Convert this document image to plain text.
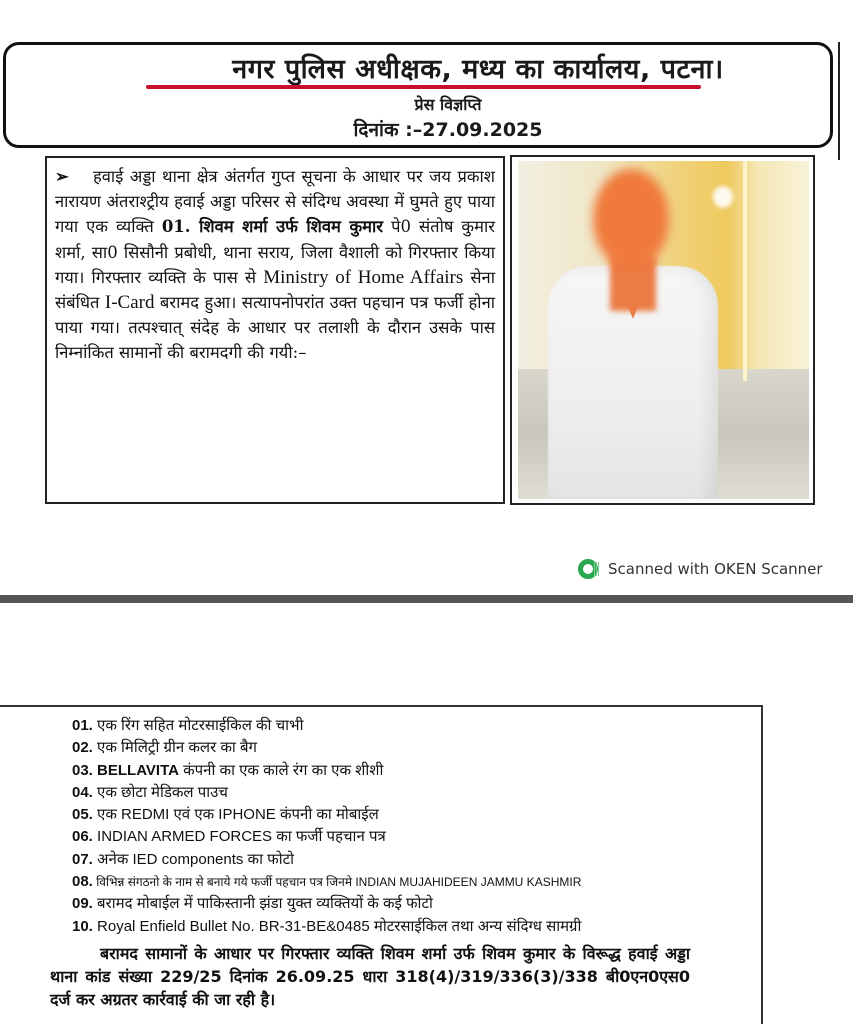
नगर पुलिस अधीक्षक, मध्य का कार्यालय, पटना।
प्रेस विज्ञप्ति
दिनांक :–27.09.2025

➢ हवाई अड्डा थाना क्षेत्र अंतर्गत गुप्त सूचना के आधार पर जय प्रकाश नारायण अंतराश्ट्रीय हवाई अड्डा परिसर से संदिग्ध अवस्था में घुमते हुए पाया गया एक व्यक्ति 01. शिवम शर्मा उर्फ शिवम कुमार पे0 संतोष कुमार शर्मा, सा0 सिसौनी प्रबोधी, थाना सराय, जिला वैशाली को गिरफ्तार किया गया। गिरफ्तार व्यक्ति के पास से Ministry of Home Affairs सेना संबंधित I-Card बरामद हुआ। सत्यापनोपरांत उक्त पहचान पत्र फर्जी होना पाया गया। तत्पश्चात् संदेह के आधार पर तलाशी के दौरान उसके पास निम्नांकित सामानों की बरामदगी की गयी:–

Scanned with OKEN Scanner
01. एक रिंग सहित मोटरसाईकिल की चाभी
02. एक मिलिट्री ग्रीन कलर का बैग
03. BELLAVITA कंपनी का एक काले रंग का एक शीशी
04. एक छोटा मेडिकल पाउच
05. एक REDMI एवं एक IPHONE कंपनी का मोबाईल
06. INDIAN ARMED FORCES का फर्जी पहचान पत्र
07. अनेक IED components का फोटो
08. विभिन्न संगठनो के नाम से बनाये गये फर्जी पहचान पत्र जिनमे INDIAN MUJAHIDEEN JAMMU KASHMIR
09. बरामद मोबाईल में पाकिस्तानी झंडा युक्त व्यक्तियों के कई फोटो
10. Royal Enfield Bullet No. BR-31-BE&0485 मोटरसाईकिल तथा अन्य संदिग्ध सामग्री

बरामद सामानों के आधार पर गिरफ्तार व्यक्ति शिवम शर्मा उर्फ शिवम कुमार के विरूद्ध हवाई अड्डा थाना कांड संख्या 229/25 दिनांक 26.09.25 धारा 318(4)/319/336(3)/338 बी0एन0एस0 दर्ज कर अग्रतर कार्रवाई की जा रही है।
